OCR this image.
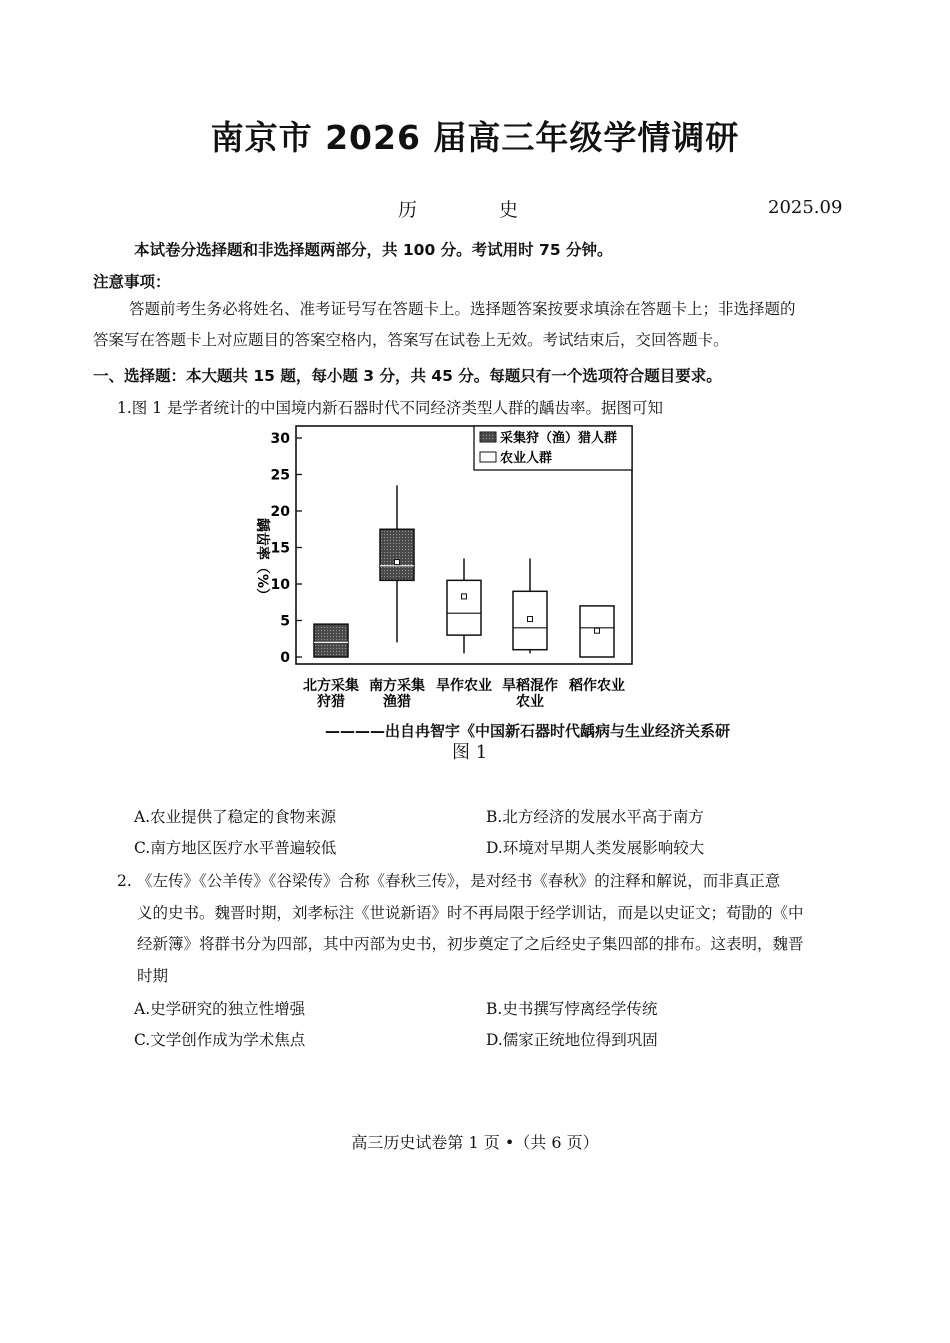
南京市 2026 届高三年级学情调研
历	史	2025.09
本试卷分选择题和非选择题两部分，共 100 分。考试用时 75 分钟。
注意事项：
答题前考生务必将姓名、准考证号写在答题卡上。选择题答案按要求填涂在答题卡上；非选择题的
答案写在答题卡上对应题目的答案空格内，答案写在试卷上无效。考试结束后，交回答题卡。
一、选择题：本大题共 15 题，每小题 3 分，共 45 分。每题只有一个选项符合题目要求。
1.图 1 是学者统计的中国境内新石器时代不同经济类型人群的龋齿率。据图可知
0
5
10
15
20
25
30
龋齿率（%）
采集狩（渔）猎人群
农业人群
北方采集
狩猎
南方采集
渔猎
旱作农业 旱稻混作
农业
稻作农业
————出自冉智宇《中国新石器时代龋病与生业经济关系研
图 1
A.农业提供了稳定的食物来源	B.北方经济的发展水平高于南方
C.南方地区医疗水平普遍较低	D.环境对早期人类发展影响较大
2. 《左传》《公羊传》《谷梁传》合称《春秋三传》，是对经书《春秋》的注释和解说，而非真正意
义的史书。魏晋时期，刘孝标注《世说新语》时不再局限于经学训诂，而是以史证文；荀勖的《中
经新簿》将群书分为四部，其中丙部为史书，初步奠定了之后经史子集四部的排布。这表明，魏晋
时期
A.史学研究的独立性增强	B.史书撰写悖离经学传统
C.文学创作成为学术焦点	D.儒家正统地位得到巩固
高三历史试卷第 1 页 •（共 6 页）
